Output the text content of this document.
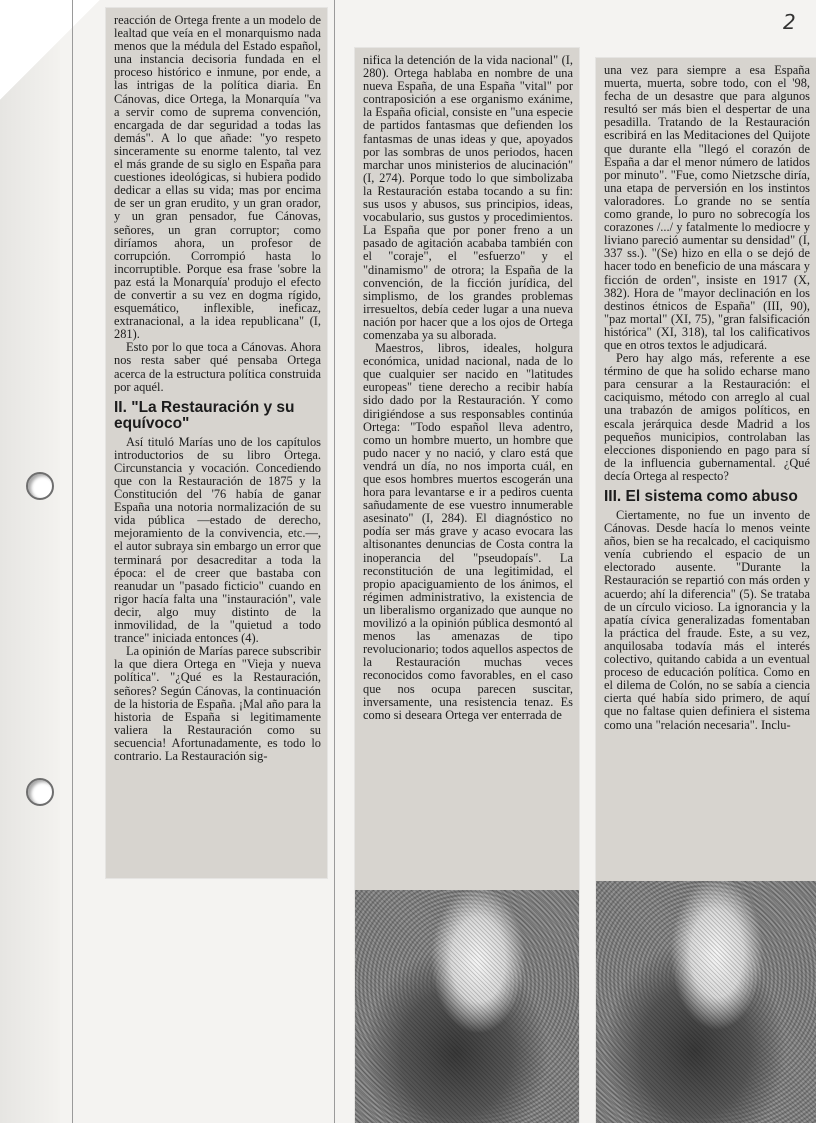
2

reacción de Ortega frente a un modelo de lealtad que veía en el monarquismo nada menos que la médula del Estado español, una instancia decisoria fundada en el proceso histórico e inmune, por ende, a las intrigas de la política diaria. En Cánovas, dice Ortega, la Monarquía "va a servir como de suprema convención, encargada de dar seguridad a todas las demás". A lo que añade: "yo respeto sinceramente su enorme talento, tal vez el más grande de su siglo en España para cuestiones ideológicas, si hubiera podido dedicar a ellas su vida; mas por encima de ser un gran erudito, y un gran orador, y un gran pensador, fue Cánovas, señores, un gran corruptor; como diríamos ahora, un profesor de corrupción. Corrompió hasta lo incorruptible. Porque esa frase 'sobre la paz está la Monarquía' produjo el efecto de convertir a su vez en dogma rígido, esquemático, inflexible, ineficaz, extranacional, a la idea republicana" (I, 281).

Esto por lo que toca a Cánovas. Ahora nos resta saber qué pensaba Ortega acerca de la estructura política construida por aquél.

II. "La Restauración y su equívoco"

Así tituló Marías uno de los capítulos introductorios de su libro Ortega. Circunstancia y vocación. Concediendo que con la Restauración de 1875 y la Constitución del '76 había de ganar España una notoria normalización de su vida pública —estado de derecho, mejoramiento de la convivencia, etc.—, el autor subraya sin embargo un error que terminará por desacreditar a toda la época: el de creer que bastaba con reanudar un "pasado ficticio" cuando en rigor hacía falta una "instauración", vale decir, algo muy distinto de la inmovilidad, de la "quietud a todo trance" iniciada entonces (4).

La opinión de Marías parece subscribir la que diera Ortega en "Vieja y nueva política". "¿Qué es la Restauración, señores? Según Cánovas, la continuación de la historia de España. ¡Mal año para la historia de España si legitimamente valiera la Restauración como su secuencia! Afortunadamente, es todo lo contrario. La Restauración sig-

nifica la detención de la vida nacional" (I, 280). Ortega hablaba en nombre de una nueva España, de una España "vital" por contraposición a ese organismo exánime, la España oficial, consiste en "una especie de partidos fantasmas que defienden los fantasmas de unas ideas y que, apoyados por las sombras de unos periodos, hacen marchar unos ministerios de alucinación" (I, 274). Porque todo lo que simbolizaba la Restauración estaba tocando a su fin: sus usos y abusos, sus principios, ideas, vocabulario, sus gustos y procedimientos. La España que por poner freno a un pasado de agitación acababa también con el "coraje", el "esfuerzo" y el "dinamismo" de otrora; la España de la convención, de la ficción jurídica, del simplismo, de los grandes problemas irresueltos, debía ceder lugar a una nueva nación por hacer que a los ojos de Ortega comenzaba ya su alborada.

Maestros, libros, ideales, holgura económica, unidad nacional, nada de lo que cualquier ser nacido en "latitudes europeas" tiene derecho a recibir había sido dado por la Restauración. Y como dirigiéndose a sus responsables continúa Ortega: "Todo español lleva adentro, como un hombre muerto, un hombre que pudo nacer y no nació, y claro está que vendrá un día, no nos importa cuál, en que esos hombres muertos escogerán una hora para levantarse e ir a pediros cuenta sañudamente de ese vuestro innumerable asesinato" (I, 284). El diagnóstico no podía ser más grave y acaso evocara las altisonantes denuncias de Costa contra la inoperancia del "pseudopaís". La reconstitución de una legitimidad, el propio apaciguamiento de los ánimos, el régimen administrativo, la existencia de un liberalismo organizado que aunque no movilizó a la opinión pública desmontó al menos las amenazas de tipo revolucionario; todos aquellos aspectos de la Restauración muchas veces reconocidos como favorables, en el caso que nos ocupa parecen suscitar, inversamente, una resistencia tenaz. Es como si deseara Ortega ver enterrada de

una vez para siempre a esa España muerta, muerta, sobre todo, con el '98, fecha de un desastre que para algunos resultó ser más bien el despertar de una pesadilla. Tratando de la Restauración escribirá en las Meditaciones del Quijote que durante ella "llegó el corazón de España a dar el menor número de latidos por minuto". "Fue, como Nietzsche diría, una etapa de perversión en los instintos valoradores. Lo grande no se sentía como grande, lo puro no sobrecogía los corazones /.../ y fatalmente lo mediocre y liviano pareció aumentar su densidad" (I, 337 ss.). "(Se) hizo en ella o se dejó de hacer todo en beneficio de una máscara y ficción de orden", insiste en 1917 (X, 382). Hora de "mayor declinación en los destinos étnicos de España" (III, 90), "paz mortal" (XI, 75), "gran falsificación histórica" (XI, 318), tal los calificativos que en otros textos le adjudicará.

Pero hay algo más, referente a ese término de que ha solido echarse mano para censurar a la Restauración: el caciquismo, método con arreglo al cual una trabazón de amigos políticos, en escala jerárquica desde Madrid a los pequeños municipios, controlaban las elecciones disponiendo en pago para sí de la influencia gubernamental. ¿Qué decía Ortega al respecto?

III. El sistema como abuso

Ciertamente, no fue un invento de Cánovas. Desde hacía lo menos veinte años, bien se ha recalcado, el caciquismo venía cubriendo el espacio de un electorado ausente. "Durante la Restauración se repartió con más orden y acuerdo; ahí la diferencia" (5). Se trataba de un círculo vicioso. La ignorancia y la apatía cívica generalizadas fomentaban la práctica del fraude. Este, a su vez, anquilosaba todavía más el interés colectivo, quitando cabida a un eventual proceso de educación política. Como en el dilema de Colón, no se sabía a ciencia cierta qué había sido primero, de aquí que no faltase quien definiera el sistema como una "relación necesaria". Inclu-
